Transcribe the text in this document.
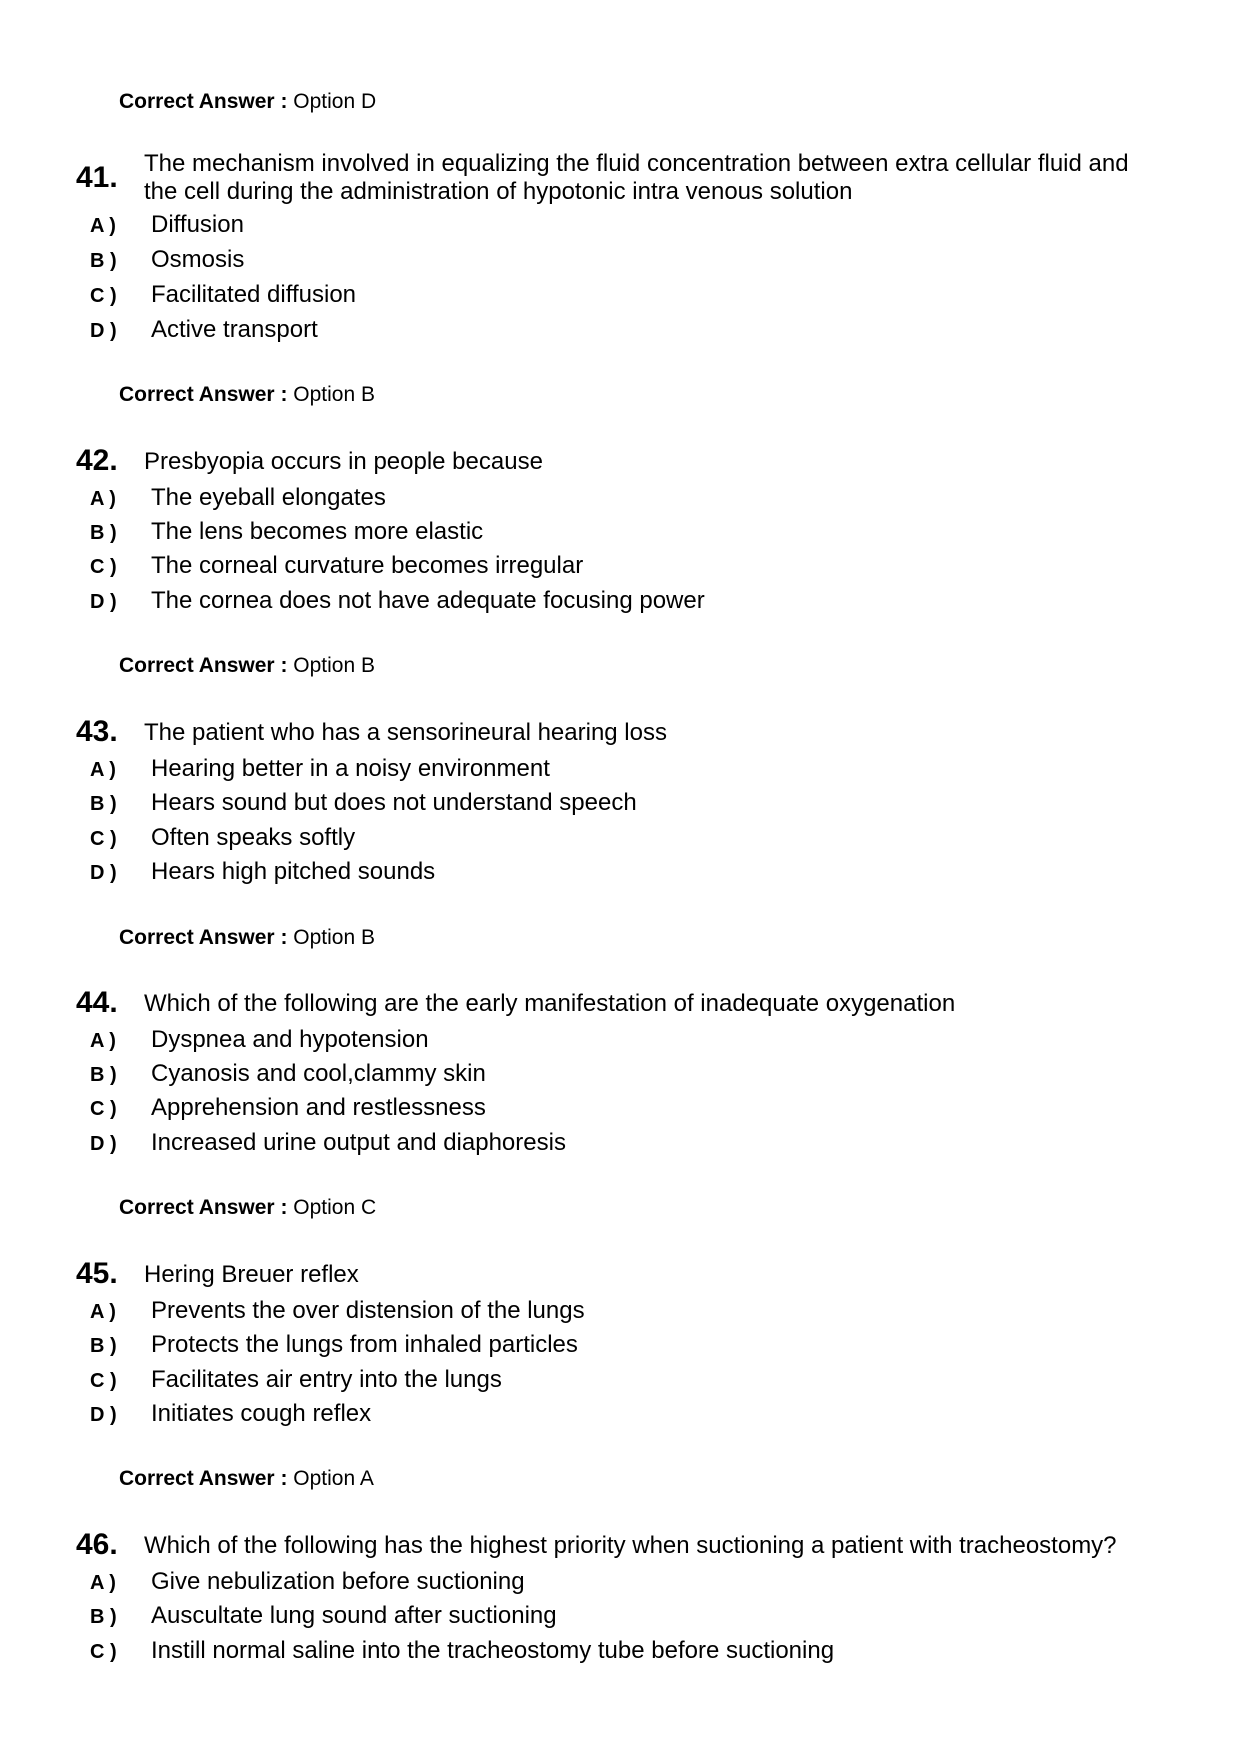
Correct Answer : Option D
41. The mechanism involved in equalizing the fluid concentration between extra cellular fluid and the cell during the administration of hypotonic intra venous solution
A ) Diffusion
B ) Osmosis
C ) Facilitated diffusion
D ) Active transport
Correct Answer : Option B
42. Presbyopia occurs in people because
A ) The eyeball elongates
B ) The lens becomes more elastic
C ) The corneal curvature becomes irregular
D ) The cornea does not have adequate focusing power
Correct Answer : Option B
43. The patient who has a sensorineural hearing loss
A ) Hearing better in a noisy environment
B ) Hears sound but does not understand speech
C ) Often speaks softly
D ) Hears high pitched sounds
Correct Answer : Option B
44. Which of the following are the early manifestation of inadequate oxygenation
A ) Dyspnea and hypotension
B ) Cyanosis and cool,clammy skin
C ) Apprehension and restlessness
D ) Increased urine output and diaphoresis
Correct Answer : Option C
45. Hering Breuer reflex
A ) Prevents the over distension of the lungs
B ) Protects the lungs from inhaled particles
C ) Facilitates air entry into the lungs
D ) Initiates cough reflex
Correct Answer : Option A
46. Which of the following has the highest priority when suctioning a patient with tracheostomy?
A ) Give nebulization before suctioning
B ) Auscultate lung sound after suctioning
C ) Instill normal saline into the tracheostomy tube before suctioning
